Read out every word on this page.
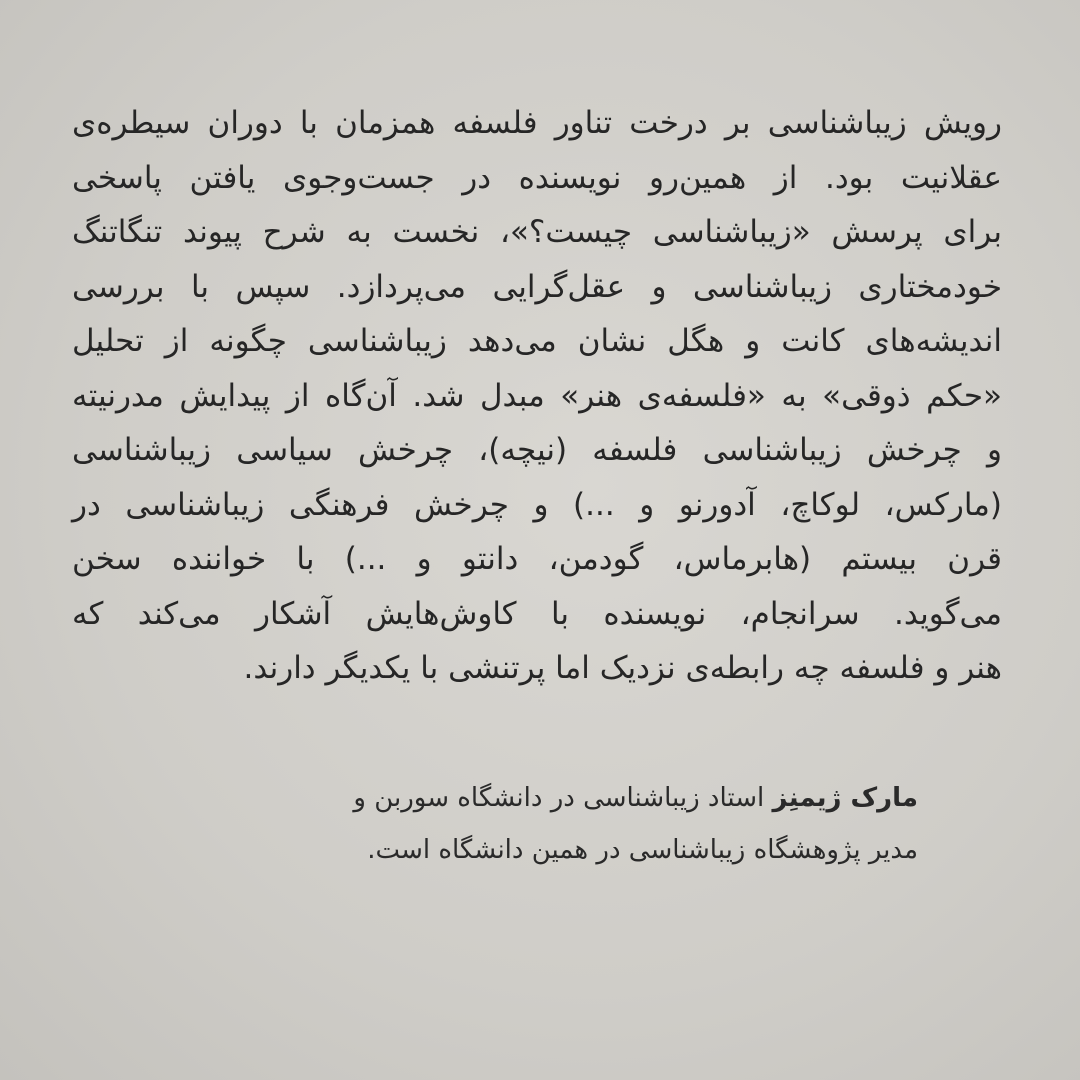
رویش زیباشناسی بر درخت تناور فلسفه همزمان با دوران سیطره‌ی
عقلانیت بود. از همین‌رو نویسنده در جست‌وجوی یافتن پاسخی
برای پرسش «زیباشناسی چیست؟»، نخست به شرح پیوند تنگاتنگ
خودمختاری زیباشناسی و عقل‌گرایی می‌پردازد. سپس با بررسی
اندیشه‌های کانت و هگل نشان می‌دهد زیباشناسی چگونه از تحلیل
«حکم ذوقی» به «فلسفه‌ی هنر» مبدل شد. آن‌گاه از پیدایش مدرنیته
و چرخش زیباشناسی فلسفه (نیچه)، چرخش سیاسی زیباشناسی
(مارکس، لوکاچ، آدورنو و ...) و چرخش فرهنگی زیباشناسی در
قرن بیستم (هابرماس، گودمن، دانتو و ...) با خواننده سخن
می‌گوید. سرانجام، نویسنده با کاوش‌هایش آشکار می‌کند که
هنر و فلسفه چه رابطه‌ی نزدیک اما پرتنشی با یکدیگر دارند.
مارک ژیمنِز استاد زیباشناسی در دانشگاه سوربن و
مدیر پژوهشگاه زیباشناسی در همین دانشگاه است.
